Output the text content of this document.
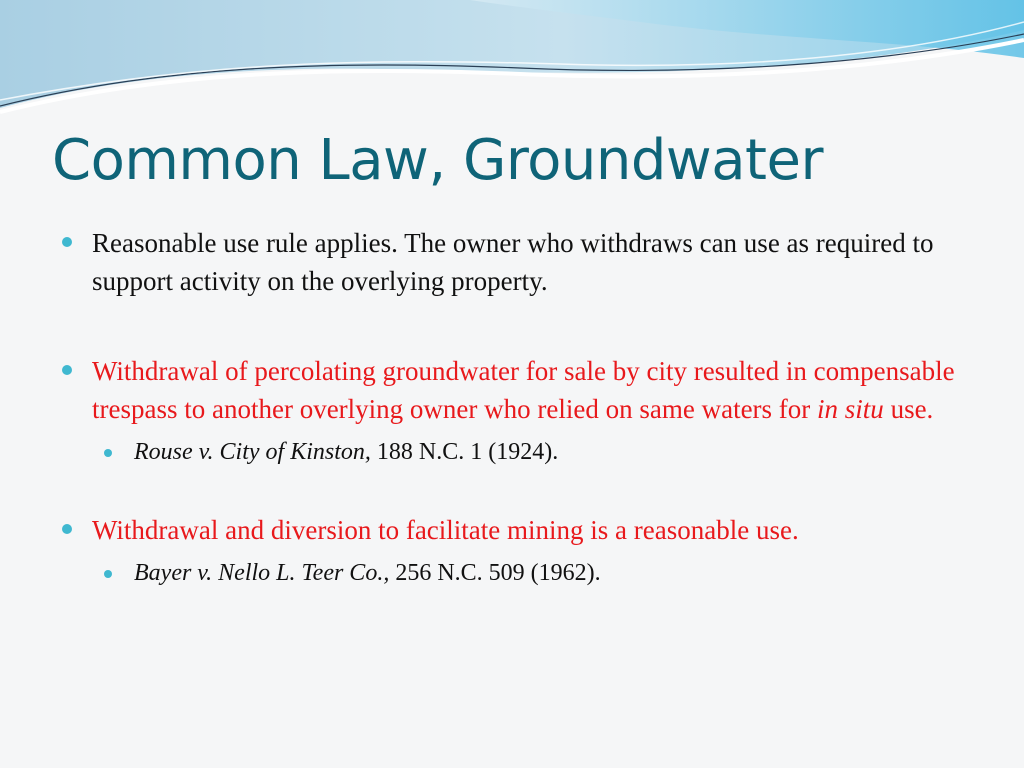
Common Law, Groundwater
Reasonable use rule applies. The owner who withdraws can use as required to support activity on the overlying property.
Withdrawal of percolating groundwater for sale by city resulted in compensable trespass to another overlying owner who relied on same waters for in situ use.
Rouse v. City of Kinston, 188 N.C. 1 (1924).
Withdrawal and diversion to facilitate mining is a reasonable use.
Bayer v. Nello L. Teer Co., 256 N.C. 509 (1962).
